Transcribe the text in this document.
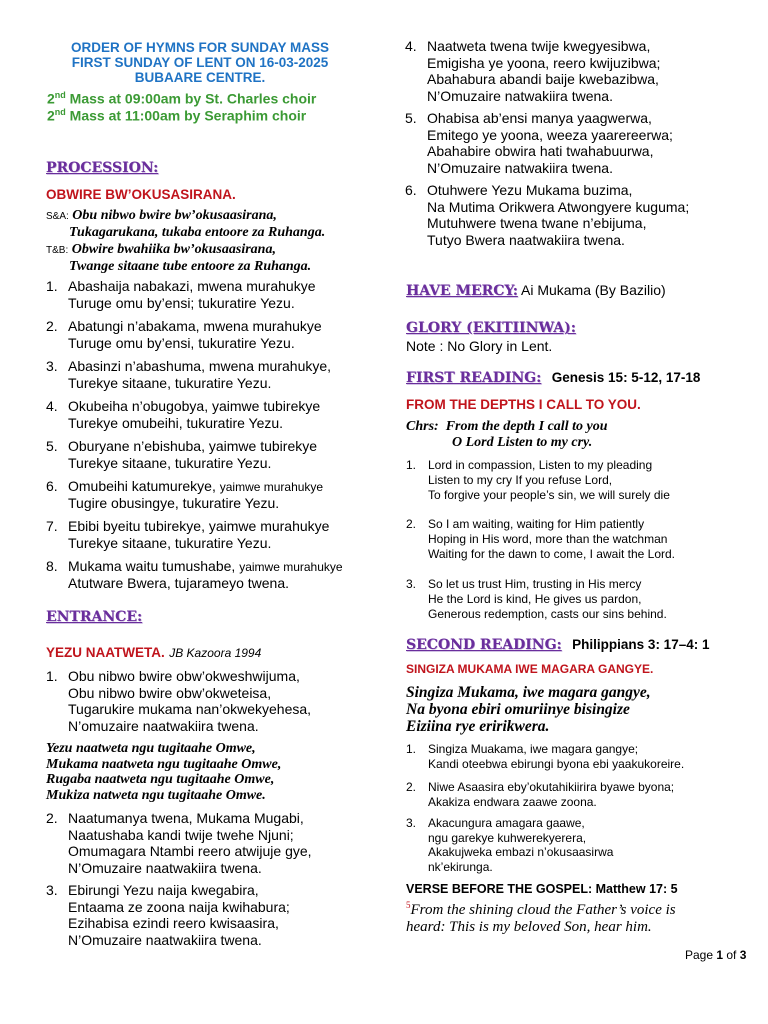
ORDER OF HYMNS FOR SUNDAY MASS
FIRST SUNDAY OF LENT ON 16-03-2025
BUBAARE CENTRE.
2nd Mass at 09:00am by St. Charles choir
2nd Mass at 11:00am by Seraphim choir
PROCESSION:
OBWIRE BW’OKUSASIRANA.
S&A: Obu nibwo bwire bw’okusaasirana,
Tukagarukana, tukaba entoore za Ruhanga.
T&B: Obwire bwahiika bw’okusaasirana,
Twange sitaane tube entoore za Ruhanga.
1. Abashaija nabakazi, mwena murahukye
Turuge omu by’ensi; tukuratire Yezu.
2. Abatungi n’abakama, mwena murahukye
Turuge omu by’ensi, tukuratire Yezu.
3. Abasinzi n’abashuma, mwena murahukye,
Turekye sitaane, tukuratire Yezu.
4. Okubeiha n’obugobya, yaimwe tubirekye
Turekye omubeihi, tukuratire Yezu.
5. Oburyane n’ebishuba, yaimwe tubirekye
Turekye sitaane, tukuratire Yezu.
6. Omubeihi katumurekye, yaimwe murahukye
Tugire obusingye, tukuratire Yezu.
7. Ebibi byeitu tubirekye, yaimwe murahukye
Turekye sitaane, tukuratire Yezu.
8. Mukama waitu tumushabe, yaimwe murahukye
Atutware Bwera, tujarameyo twena.
ENTRANCE:
YEZU NAATWETA. JB Kazoora 1994
1. Obu nibwo bwire obw’okweshwijuma,
Obu nibwo bwire obw’okweteisa,
Tugarukire mukama nan’okwekyehesa,
N’omuzaire naatwakiira twena.
Yezu naatweta ngu tugitaahe Omwe,
Mukama naatweta ngu tugitaahe Omwe,
Rugaba naatweta ngu tugitaahe Omwe,
Mukiza natweta ngu tugitaahe Omwe.
2. Naatumanya twena, Mukama Mugabi,
Naatushaba kandi twije twehe Njuni;
Omumagara Ntambi reero atwijuje gye,
N’Omuzaire naatwakiira twena.
3. Ebirungi Yezu naija kwegabira,
Entaama ze zoona naija kwihabura;
Ezihabisa ezindi reero kwisaasira,
N’Omuzaire naatwakiira twena.
4. Naatweta twena twije kwegyesibwa,
Emigisha ye yoona, reero kwijuzibwa;
Abahabura abandi baije kwebazibwa,
N’Omuzaire natwakiira twena.
5. Ohabisa ab’ensi manya yaagwerwa,
Emitego ye yoona, weeza yaarereerwa;
Abahabire obwira hati twahabuurwa,
N’Omuzaire natwakiira twena.
6. Otuhwere Yezu Mukama buzima,
Na Mutima Orikwera Atwongyere kuguma;
Mutuhwere twena twane n’ebijuma,
Tutyo Bwera naatwakiira twena.
HAVE MERCY: Ai Mukama (By Bazilio)
GLORY (EKITIINWA):
Note : No Glory in Lent.
FIRST READING: Genesis 15: 5-12, 17-18
FROM THE DEPTHS I CALL TO YOU.
Chrs: From the depth I call to you
O Lord Listen to my cry.
1. Lord in compassion, Listen to my pleading
Listen to my cry If you refuse Lord,
To forgive your people’s sin, we will surely die
2. So I am waiting, waiting for Him patiently
Hoping in His word, more than the watchman
Waiting for the dawn to come, I await the Lord.
3. So let us trust Him, trusting in His mercy
He the Lord is kind, He gives us pardon,
Generous redemption, casts our sins behind.
SECOND READING: Philippians 3: 17–4: 1
SINGIZA MUKAMA IWE MAGARA GANGYE.
Singiza Mukama, iwe magara gangye,
Na byona ebiri omuriinye bisingize
Eiziina rye eririkwera.
1. Singiza Muakama, iwe magara gangye;
Kandi oteebwa ebirungi byona ebi yaakukoreire.
2. Niwe Asaasira eby’okutahikiirira byawe byona;
Akakiza endwara zaawe zoona.
3. Akacungura amagara gaawe,
ngu garekye kuhwerekyerera,
Akakujweka embazi n’okusaasirwa
nk’ekirunga.
VERSE BEFORE THE GOSPEL: Matthew 17: 5
$^5$From the shining cloud the Father’s voice is
heard: This is my beloved Son, hear him.
Page 1 of 3
